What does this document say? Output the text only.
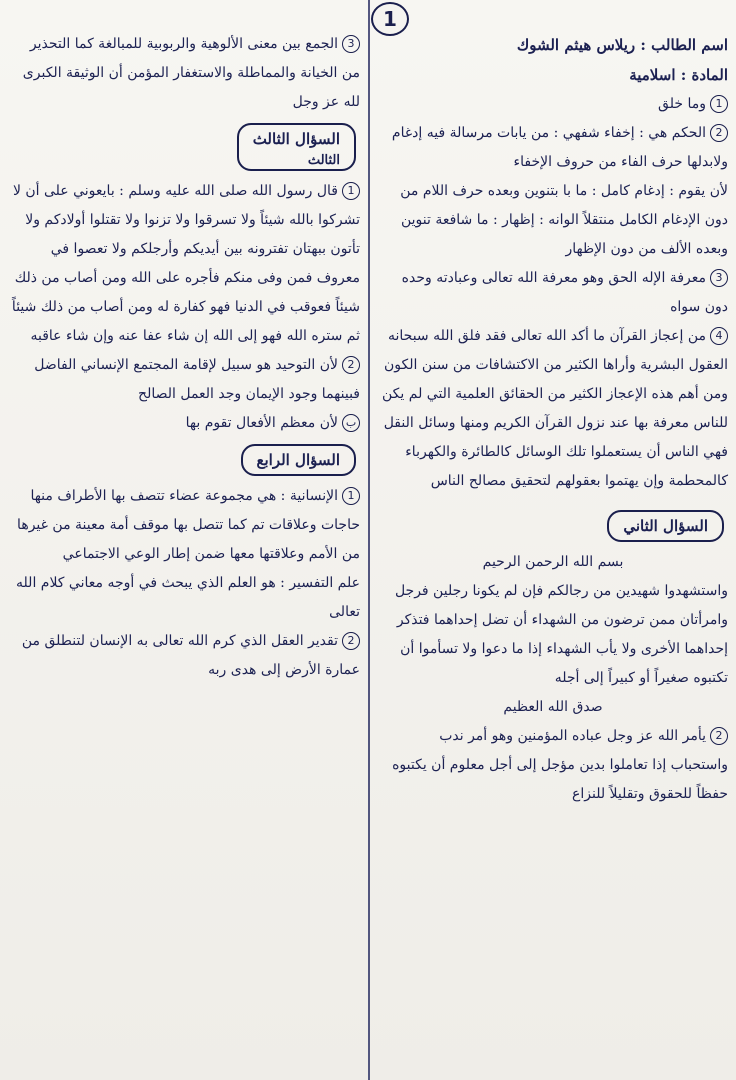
1

اسم الطالب : ريلاس هيثم الشوك

المادة : اسلامية

1وما خلق

2الحكم هي : إخفاء شفهي : من يابات مرسالة فيه إدغام ولابدلها حرف الفاء من حروف الإخفاء

لأن يقوم : إدغام كامل : ما با بتنوين وبعده حرف اللام من دون الإدغام الكامل منتقلاً الوانه : إظهار : ما شافعة تنوين وبعده الألف من دون الإظهار

3معرفة الإله الحق وهو معرفة الله تعالى وعبادته وحده دون سواه

4من إعجاز القرآن ما أكد الله تعالى فقد فلق الله سبحانه العقول البشرية وأراها الكثير من الاكتشافات من سنن الكون ومن أهم هذه الإعجاز الكثير من الحقائق العلمية التي لم يكن للناس معرفة بها عند نزول القرآن الكريم ومنها وسائل النقل فهي الناس أن يستعملوا تلك الوسائل كالطائرة والكهرباء كالمحطمة وإن يهتموا بعقولهم لتحقيق مصالح الناس

السؤال الثاني

بسم الله الرحمن الرحيم

واستشهدوا شهيدين من رجالكم فإن لم يكونا رجلين فرجل وامرأتان ممن ترضون من الشهداء أن تضل إحداهما فتذكر إحداهما الأخرى ولا يأب الشهداء إذا ما دعوا ولا تسأموا أن تكتبوه صغيراً أو كبيراً إلى أجله

صدق الله العظيم

2يأمر الله عز وجل عباده المؤمنين وهو أمر ندب واستحباب إذا تعاملوا بدين مؤجل إلى أجل معلوم أن يكتبوه حفظاً للحقوق وتقليلاً للنزاع

3الجمع بين معنى الألوهية والربوبية للمبالغة كما التحذير من الخيانة والمماطلة والاستغفار المؤمن أن الوثيقة الكبرى لله عز وجل

السؤال الثالث
الثالث

1قال رسول الله صلى الله عليه وسلم : بايعوني على أن لا تشركوا بالله شيئاً ولا تسرقوا ولا تزنوا ولا تقتلوا أولادكم ولا تأتون ببهتان تفترونه بين أيديكم وأرجلكم ولا تعصوا في معروف فمن وفى منكم فأجره على الله ومن أصاب من ذلك شيئاً فعوقب في الدنيا فهو كفارة له ومن أصاب من ذلك شيئاً ثم ستره الله فهو إلى الله إن شاء عفا عنه وإن شاء عاقبه

2لأن التوحيد هو سبيل لإقامة المجتمع الإنساني الفاضل فبينهما وجود الإيمان وجد العمل الصالح

بلأن معظم الأفعال تقوم بها

السؤال الرابع

1الإنسانية : هي مجموعة عضاء تتصف بها الأطراف منها حاجات وعلاقات تم كما تتصل بها موقف أمة معينة من غيرها من الأمم وعلاقتها معها ضمن إطار الوعي الاجتماعي

علم التفسير : هو العلم الذي يبحث في أوجه معاني كلام الله تعالى

2تقدير العقل الذي كرم الله تعالى به الإنسان لتنطلق من عمارة الأرض إلى هدى ربه
